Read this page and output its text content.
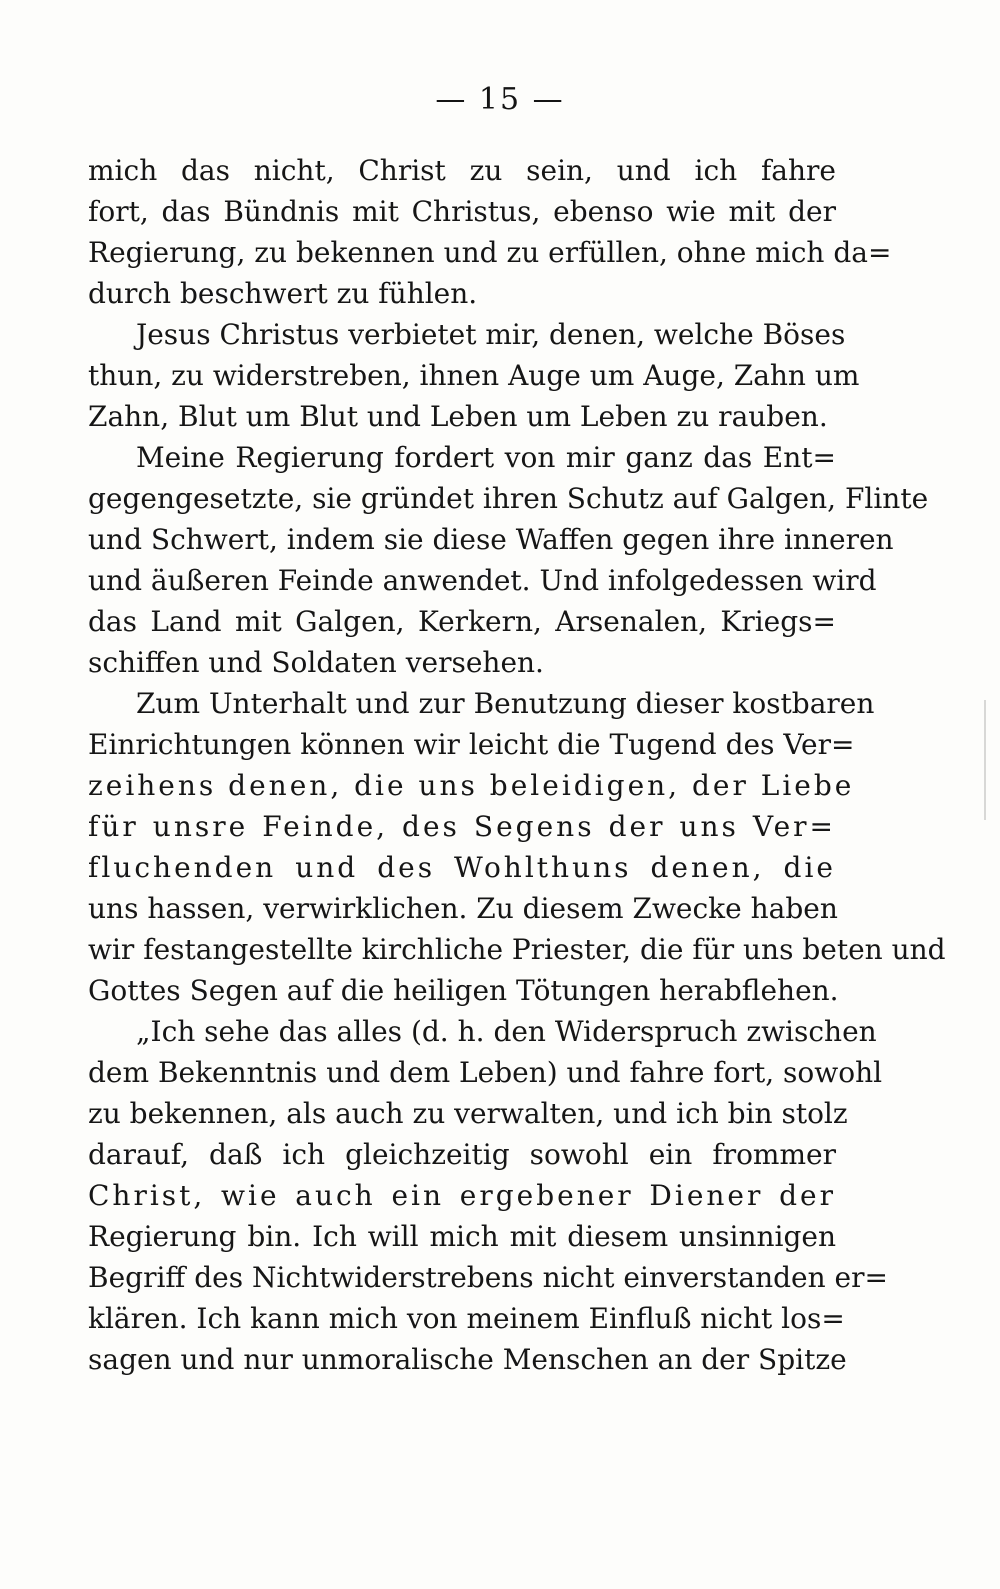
— 15 —
mich das nicht, Christ zu sein, und ich fahre
fort, das Bündnis mit Christus, ebenso wie mit der
Regierung, zu bekennen und zu erfüllen, ohne mich da=
durch beschwert zu fühlen.
Jesus Christus verbietet mir, denen, welche Böses
thun, zu widerstreben, ihnen Auge um Auge, Zahn um
Zahn, Blut um Blut und Leben um Leben zu rauben.
Meine Regierung fordert von mir ganz das Ent=
gegengesetzte, sie gründet ihren Schutz auf Galgen, Flinte
und Schwert, indem sie diese Waffen gegen ihre inneren
und äußeren Feinde anwendet. Und infolgedessen wird
das Land mit Galgen, Kerkern, Arsenalen, Kriegs=
schiffen und Soldaten versehen.
Zum Unterhalt und zur Benutzung dieser kostbaren
Einrichtungen können wir leicht die Tugend des Ver=
zeihens denen, die uns beleidigen, der Liebe
für unsre Feinde, des Segens der uns Ver=
fluchenden und des Wohlthuns denen, die
uns hassen, verwirklichen. Zu diesem Zwecke haben
wir festangestellte kirchliche Priester, die für uns beten und
Gottes Segen auf die heiligen Tötungen herabflehen.
„Ich sehe das alles (d. h. den Widerspruch zwischen
dem Bekenntnis und dem Leben) und fahre fort, sowohl
zu bekennen, als auch zu verwalten, und ich bin stolz
darauf, daß ich gleichzeitig sowohl ein frommer
Christ, wie auch ein ergebener Diener der
Regierung bin. Ich will mich mit diesem unsinnigen
Begriff des Nichtwiderstrebens nicht einverstanden er=
klären. Ich kann mich von meinem Einfluß nicht los=
sagen und nur unmoralische Menschen an der Spitze
